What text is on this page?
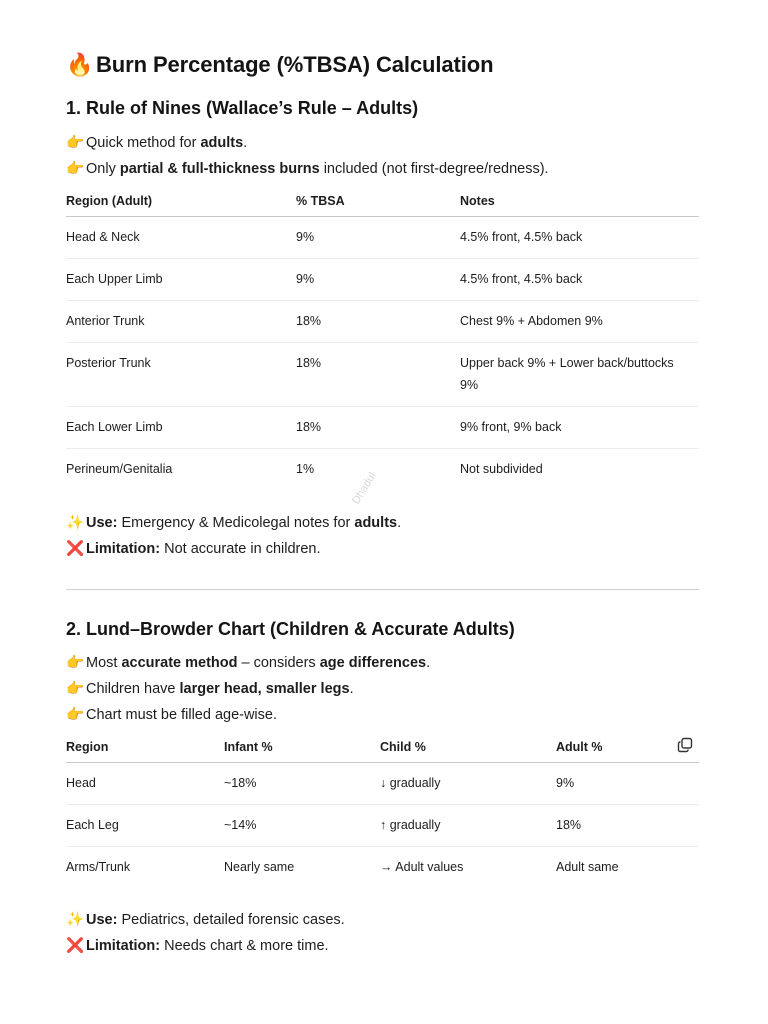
🔥 Burn Percentage (%TBSA) Calculation
1. Rule of Nines (Wallace’s Rule – Adults)
👉 Quick method for adults.
👉 Only partial & full-thickness burns included (not first-degree/redness).
Region (Adult)	% TBSA	Notes
Head & Neck	9%	4.5% front, 4.5% back
Each Upper Limb	9%	4.5% front, 4.5% back
Anterior Trunk	18%	Chest 9% + Abdomen 9%
Posterior Trunk	18%	Upper back 9% + Lower back/buttocks
9%
Each Lower Limb	18%	9% front, 9% back
Perineum/Genitalia	1%	Not subdivided
Dhadul
✨ Use: Emergency & Medicolegal notes for adults.
❌ Limitation: Not accurate in children.
2. Lund–Browder Chart (Children & Accurate Adults)
👉 Most accurate method – considers age differences.
👉 Children have larger head, smaller legs.
👉 Chart must be filled age-wise.
Region	Infant %	Child %	Adult %
Head	~18%	↓ gradually	9%
Each Leg	~14%	↑ gradually	18%
Arms/Trunk	Nearly same	→ Adult values	Adult same
✨ Use: Pediatrics, detailed forensic cases.
❌ Limitation: Needs chart & more time.
